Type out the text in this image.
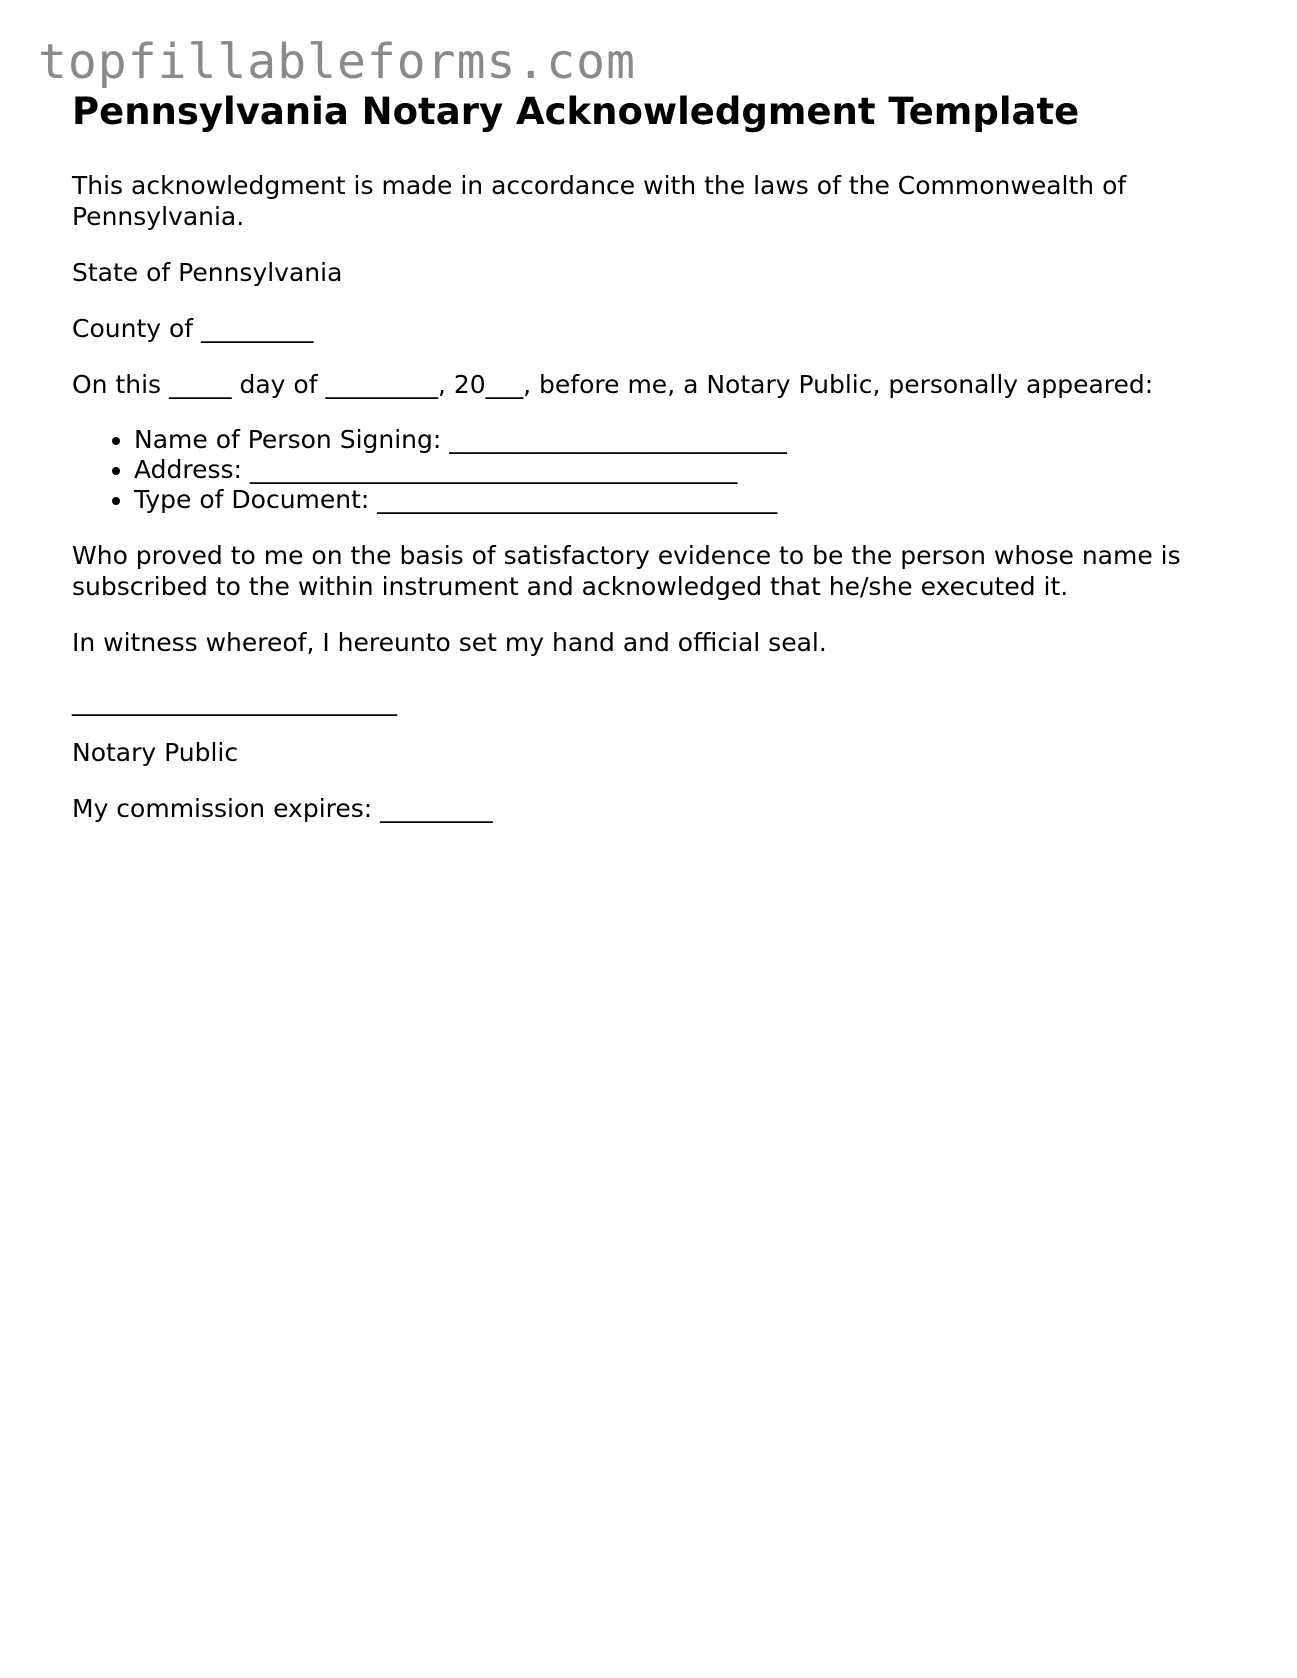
topfillableforms.com
Pennsylvania Notary Acknowledgment Template

This acknowledgment is made in accordance with the laws of the Commonwealth of Pennsylvania.

State of Pennsylvania

County of _________

On this _____ day of _________, 20___, before me, a Notary Public, personally appeared:

• Name of Person Signing: ___________________________
• Address: _______________________________________
• Type of Document: ________________________________

Who proved to me on the basis of satisfactory evidence to be the person whose name is subscribed to the within instrument and acknowledged that he/she executed it.

In witness whereof, I hereunto set my hand and official seal.

__________________________

Notary Public

My commission expires: _________
